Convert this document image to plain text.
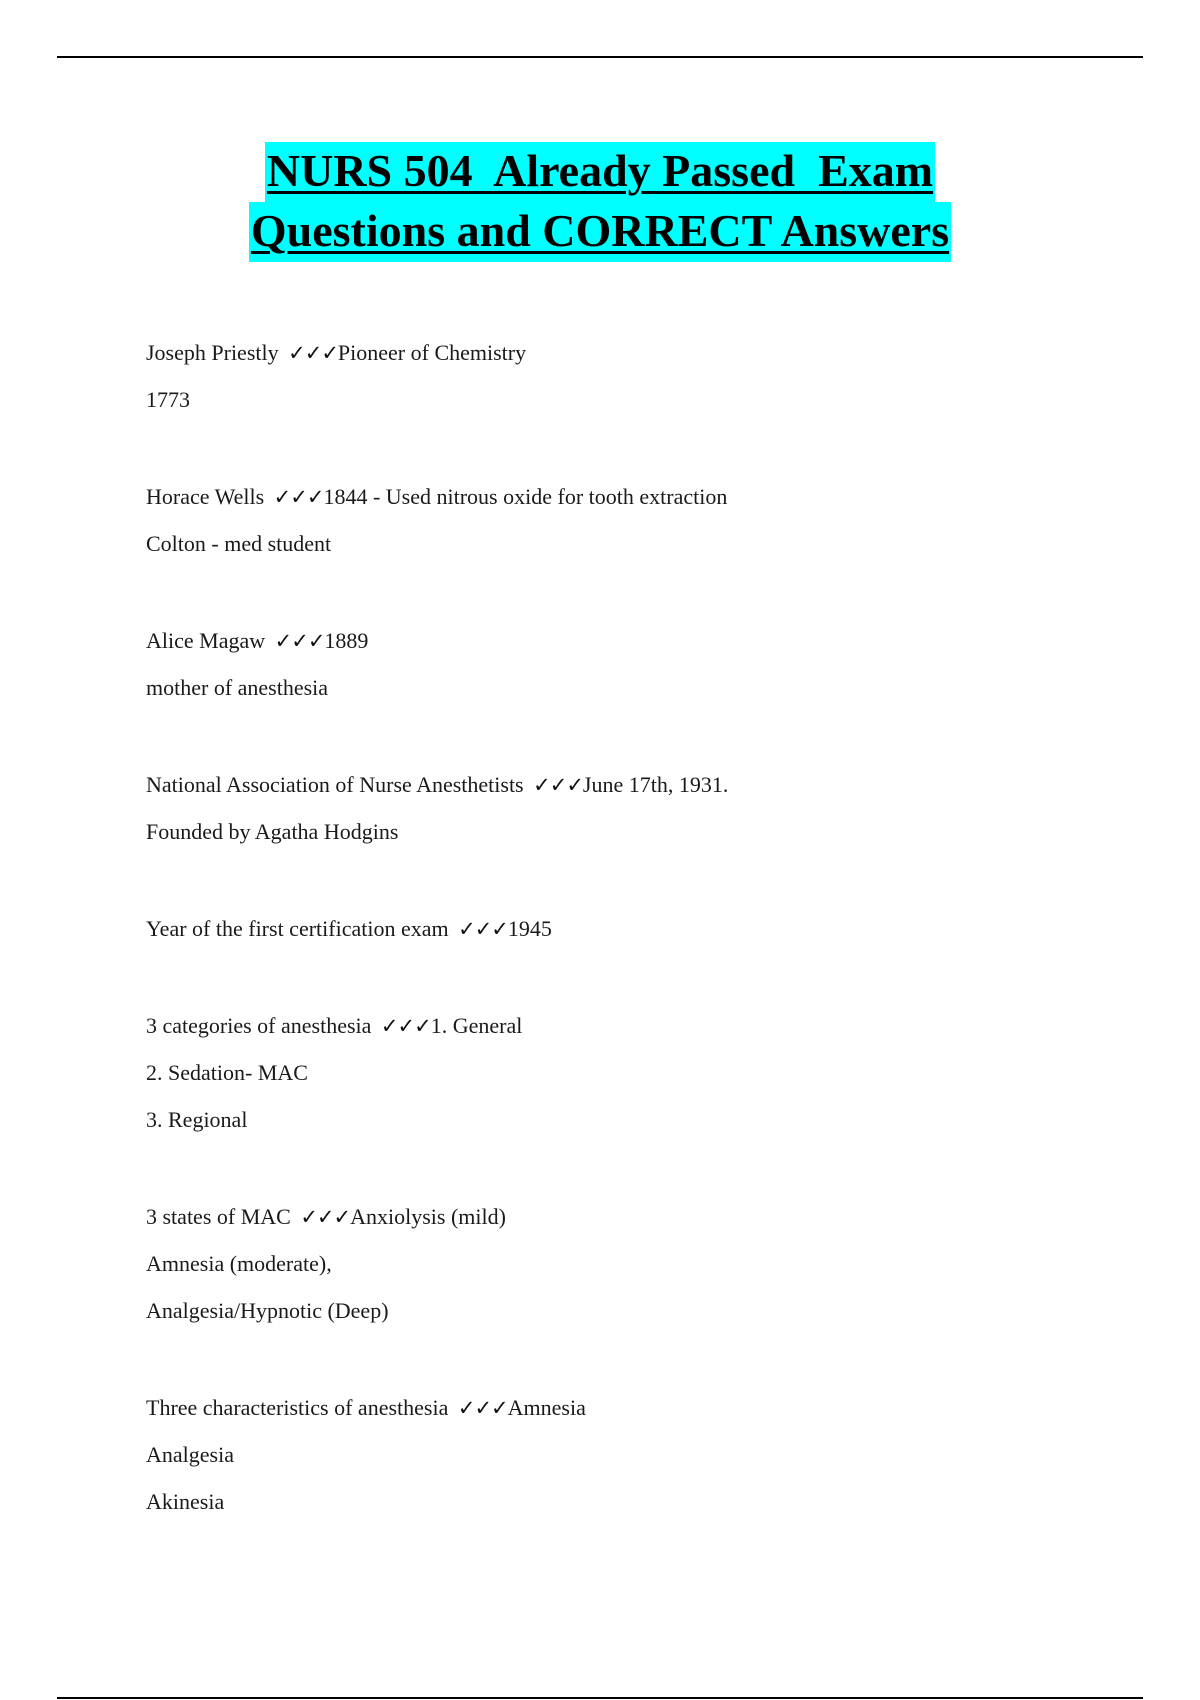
NURS 504  Already Passed  Exam
Questions and CORRECT Answers
Joseph Priestly ✓✓✓Pioneer of Chemistry
1773
Horace Wells ✓✓✓1844 - Used nitrous oxide for tooth extraction
Colton - med student
Alice Magaw ✓✓✓1889
mother of anesthesia
National Association of Nurse Anesthetists ✓✓✓June 17th, 1931.
Founded by Agatha Hodgins
Year of the first certification exam ✓✓✓1945
3 categories of anesthesia ✓✓✓1. General
2. Sedation- MAC
3. Regional
3 states of MAC ✓✓✓Anxiolysis (mild)
Amnesia (moderate),
Analgesia/Hypnotic (Deep)
Three characteristics of anesthesia ✓✓✓Amnesia
Analgesia
Akinesia
